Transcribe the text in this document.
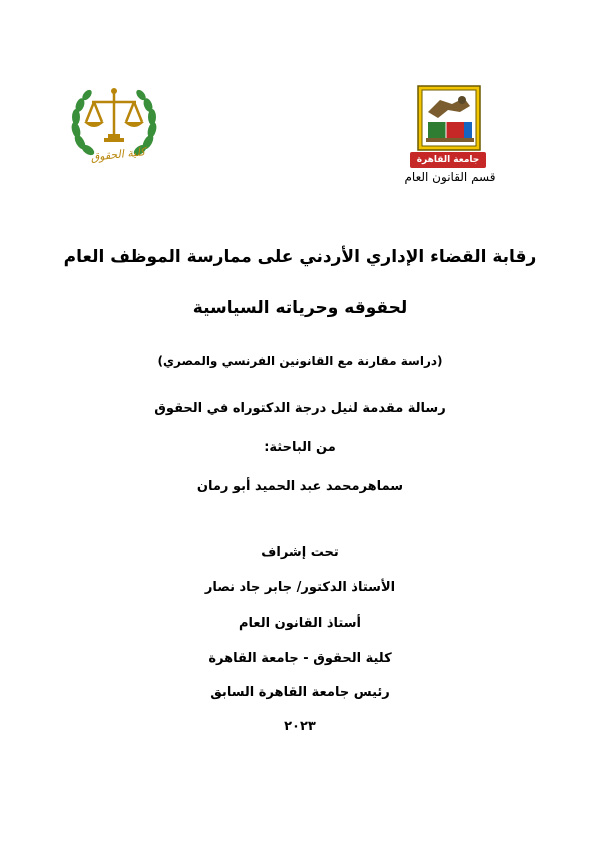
كلية الحقوق	جامعة القاهرة
قسم القانون العام
رقابة القضاء الإداري الأردني على ممارسة الموظف العام
لحقوقه وحرياته السياسية
(دراسة مقارنة مع القانونين الفرنسي والمصري)
رسالة مقدمة لنيل درجة الدكتوراه في الحقوق
من الباحثة:
سماهرمحمد عبد الحميد أبو رمان
تحت إشراف
الأستاذ الدكتور/ جابر جاد نصار
أستاذ القانون العام
كلية الحقوق - جامعة القاهرة
رئيس جامعة القاهرة السابق
٢٠٢٣
